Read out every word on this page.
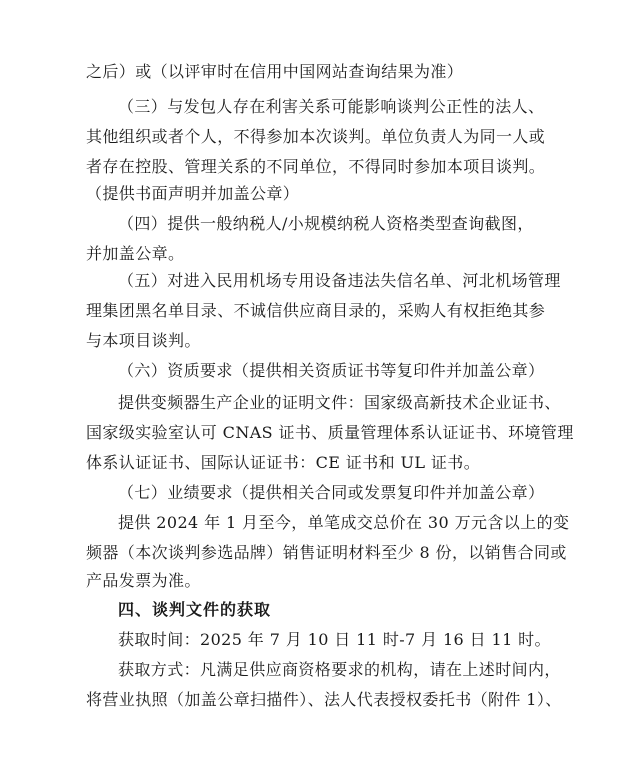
之后）或（以评审时在信用中国网站查询结果为准）
（三）与发包人存在利害关系可能影响谈判公正性的法人、
其他组织或者个人，不得参加本次谈判。单位负责人为同一人或
者存在控股、管理关系的不同单位，不得同时参加本项目谈判。
（提供书面声明并加盖公章）
（四）提供一般纳税人/小规模纳税人资格类型查询截图，
并加盖公章。
（五）对进入民用机场专用设备违法失信名单、河北机场管理
理集团黑名单目录、不诚信供应商目录的，采购人有权拒绝其参
与本项目谈判。
（六）资质要求（提供相关资质证书等复印件并加盖公章）
提供变频器生产企业的证明文件：国家级高新技术企业证书、
国家级实验室认可 CNAS 证书、质量管理体系认证证书、环境管理
体系认证证书、国际认证证书：CE 证书和 UL 证书。
（七）业绩要求（提供相关合同或发票复印件并加盖公章）
提供 2024 年 1 月至今，单笔成交总价在 30 万元含以上的变
频器（本次谈判参选品牌）销售证明材料至少 8 份，以销售合同或
产品发票为准。
四、谈判文件的获取
获取时间：2025 年 7 月 10 日 11 时-7 月 16 日 11 时。
获取方式：凡满足供应商资格要求的机构，请在上述时间内，
将营业执照（加盖公章扫描件）、法人代表授权委托书（附件 1）、
